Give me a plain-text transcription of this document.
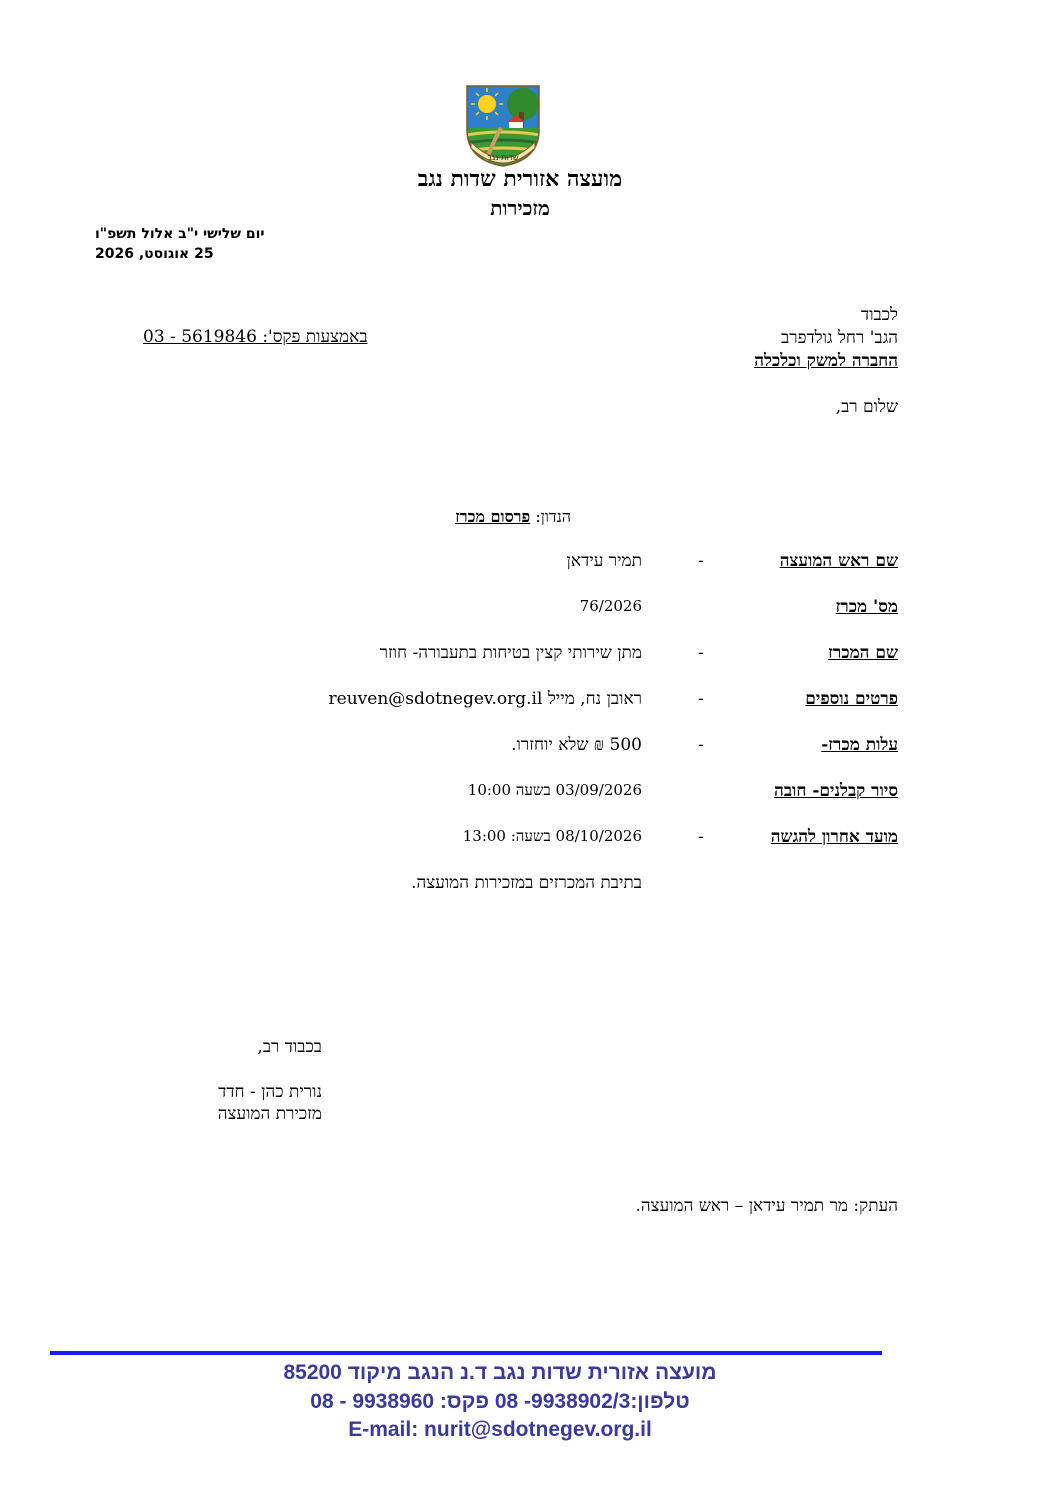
שדות נגב
מועצה אזורית שדות נגב
מזכירות
יום שלישי י"ב אלול תשפ"ו
25 אוגוסט, 2026
לכבוד
הגב' רחל גולדפרב
החברה למשק וכלכלה
באמצעות פקס': 5619846 - 03
שלום רב,
הנדון: פרסום מכרז
שם ראש המועצה
-
תמיר עידאן
מס' מכרז
76/2026
שם המכרז
-
מתן שירותי קצין בטיחות בתעבורה- חוזר
פרטים נוספים
-
ראובן נח, מייל reuven@sdotnegev.org.il
עלות מכרז-
-
500 ₪ שלא יוחזרו.
סיור קבלנים- חובה
03/09/2026 בשעה 10:00
מועד אחרון להגשה
-
08/10/2026 בשעה: 13:00
בתיבת המכרזים במזכירות המועצה.
בכבוד רב,
נורית כהן - חדד
מזכירת המועצה
העתק: מר תמיר עידאן – ראש המועצה.
מועצה אזורית שדות נגב ד.נ הנגב מיקוד 85200
טלפון:9938902/3- 08 פקס: 9938960 - 08
E-mail: nurit@sdotnegev.org.il
